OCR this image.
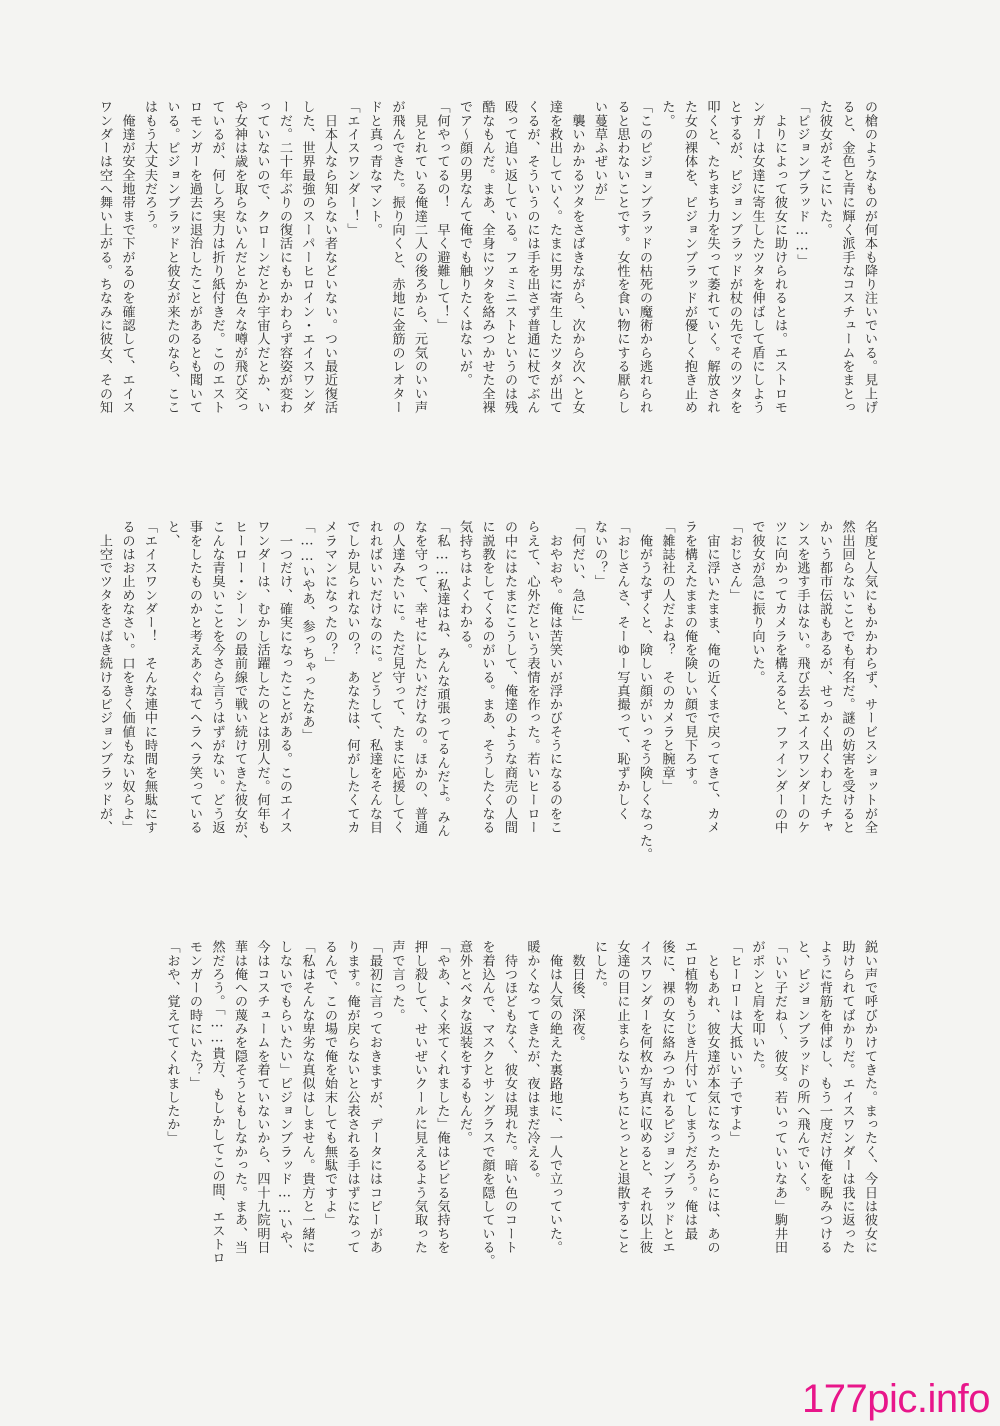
の槍のようなものが何本も降り注いでいる。見上げ

ると、金色と青に輝く派手なコスチュームをまとっ

た彼女がそこにいた。

「ピジョンブラッド……」

　よりによって彼女に助けられるとは。エストロモ

ンガーは女達に寄生したツタを伸ばして盾にしよう

とするが、ピジョンブラッドが杖の先でそのツタを

叩くと、たちまち力を失って萎れていく。解放され

た女の裸体を、ピジョンブラッドが優しく抱き止め

た。

「このピジョンブラッドの枯死の魔術から逃れられ

ると思わないことです。女性を食い物にする厭らし

い蔓草ふぜいが」

　襲いかかるツタをさばきながら、次から次へと女

達を救出していく。たまに男に寄生したツタが出て

くるが、そういうのには手を出さず普通に杖でぶん

殴って追い返している。フェミニストというのは残

酷なもんだ。まあ、全身にツタを絡みつかせた全裸

でア〜顔の男なんて俺でも触りたくはないが。

「何やってるの！　早く避難して！」

　見とれている俺達二人の後ろから、元気のいい声

が飛んできた。振り向くと、赤地に金筋のレオター

ドと真っ青なマント。

「エイスワンダー！」

　日本人なら知らない者などいない。つい最近復活

した、世界最強のスーパーヒロイン・エイスワンダ

ーだ。二十年ぶりの復活にもかかわらず容姿が変わ

っていないので、クローンだとか宇宙人だとか、い

や女神は歳を取らないんだとか色々な噂が飛び交っ

ているが、何しろ実力は折り紙付きだ。このエスト

ロモンガーを過去に退治したことがあるとも聞いて

いる。ピジョンブラッドと彼女が来たのなら、ここ

はもう大丈夫だろう。

　俺達が安全地帯まで下がるのを確認して、エイス

ワンダーは空へ舞い上がる。ちなみに彼女、その知

名度と人気にもかかわらず、サービスショットが全

然出回らないことでも有名だ。謎の妨害を受けると

かいう都市伝説もあるが、せっかく出くわしたチャ

ンスを逃す手はない。飛び去るエイスワンダーのケ

ツに向かってカメラを構えると、ファインダーの中

で彼女が急に振り向いた。

「おじさん」

　宙に浮いたまま、俺の近くまで戻ってきて、カメ

ラを構えたままの俺を険しい顔で見下ろす。

「雑誌社の人だよね？　そのカメラと腕章」

　俺がうなずくと、険しい顔がいっそう険しくなった。

「おじさんさ、そーゆー写真撮って、恥ずかしく

ないの？」

「何だい、急に」

　おやおや。俺は苦笑いが浮かびそうになるのをこ

らえて、心外だという表情を作った。若いヒーロー

の中にはたまにこうして、俺達のような商売の人間

に説教をしてくるのがいる。まあ、そうしたくなる

気持ちはよくわかる。

「私……私達はね、みんな頑張ってるんだよ。みん

なを守って、幸せにしたいだけなの。ほかの、普通

の人達みたいに。ただ見守って、たまに応援してく

れればいいだけなのに。どうして、私達をそんな目

でしか見られないの？　あなたは、何がしたくてカ

メラマンになったの？」

「……いやあ、参っちゃったなあ」

　一つだけ、確実になったことがある。このエイス

ワンダーは、むかし活躍したのとは別人だ。何年も

ヒーロー・シーンの最前線で戦い続けてきた彼女が、

こんな青臭いことを今さら言うはずがない。どう返

事をしたものかと考えあぐねてヘラヘラ笑っている

と、

「エイスワンダー！　そんな連中に時間を無駄にす

るのはお止めなさい。口をきく価値もない奴らよ」

　上空でツタをさばき続けるピジョンブラッドが、

鋭い声で呼びかけてきた。まったく、今日は彼女に

助けられてばかりだ。エイスワンダーは我に返った

ように背筋を伸ばし、もう一度だけ俺を睨みつける

と、ピジョンブラッドの所へ飛んでいく。

「いい子だね〜、彼女。若いっていいなあ」駒井田

がポンと肩を叩いた。

「ヒーローは大抵いい子ですよ」

　ともあれ、彼女達が本気になったからには、あの

エロ植物もうじき片付いてしまうだろう。俺は最

後に、裸の女に絡みつかれるピジョンブラッドとエ

イスワンダーを何枚か写真に収めると、それ以上彼

女達の目に止まらないうちにとっとと退散すること

にした。

　数日後、深夜。

　俺は人気の絶えた裏路地に、一人で立っていた。

暖かくなってきたが、夜はまだ冷える。

　待つほどもなく、彼女は現れた。暗い色のコート

を着込んで、マスクとサングラスで顔を隠している。

意外とベタな返装をするもんだ。

「やあ、よく来てくれました」俺はビビる気持ちを

押し殺して、せいぜいクールに見えるよう気取った

声で言った。

「最初に言っておきますが、データにはコピーがあ

ります。俺が戻らないと公表される手はずになって

るんで、この場で俺を始末しても無駄ですよ」

「私はそんな卑劣な真似はしません。貴方と一緒に

しないでもらいたい」ピジョンブラッド……いや、

今はコスチュームを着ていないから、四十九院明日

華は俺への蔑みを隠そうともしなかった。まあ、当

然だろう。「……貴方、もしかしてこの間、エストロ

モンガーの時にいた？」

「おや、覚えててくれましたか」

177pic.info
